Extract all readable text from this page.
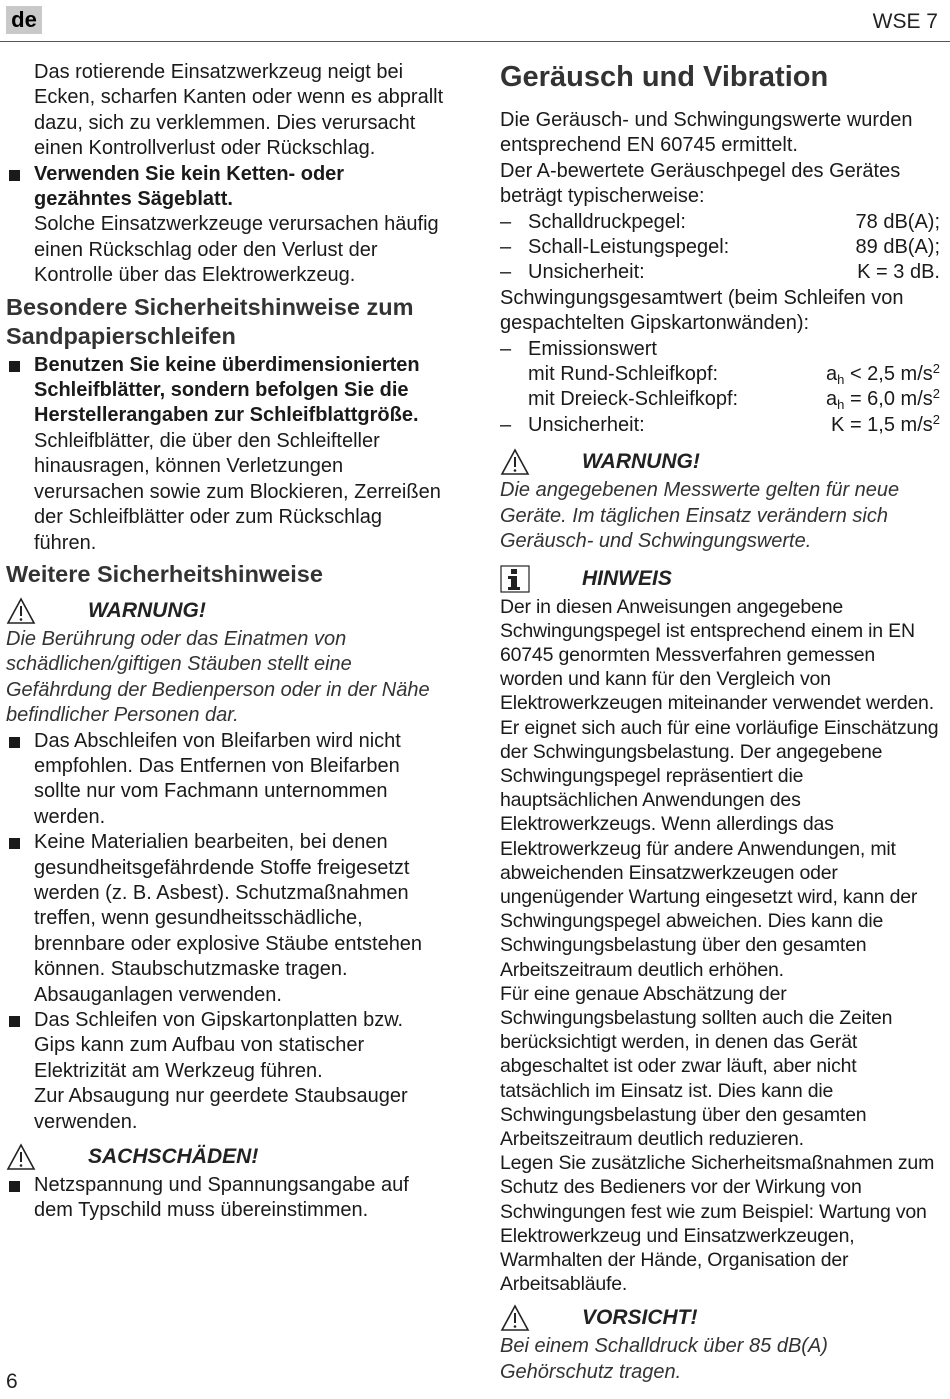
de	WSE 7
Das rotierende Einsatzwerkzeug neigt bei Ecken, scharfen Kanten oder wenn es abprallt dazu, sich zu verklemmen. Dies verursacht einen Kontrollverlust oder Rückschlag.
Verwenden Sie kein Ketten- oder gezähntes Sägeblatt.
Solche Einsatzwerkzeuge verursachen häufig einen Rückschlag oder den Verlust der Kontrolle über das Elektrowerkzeug.
Besondere Sicherheitshinweise zum Sandpapierschleifen
Benutzen Sie keine überdimensionierten Schleifblätter, sondern befolgen Sie die Herstellerangaben zur Schleifblattgröße.
Schleifblätter, die über den Schleifteller hinausragen, können Verletzungen verursachen sowie zum Blockieren, Zerreißen der Schleifblätter oder zum Rückschlag führen.
Weitere Sicherheitshinweise
WARNUNG!
Die Berührung oder das Einatmen von schädlichen/giftigen Stäuben stellt eine Gefährdung der Bedienperson oder in der Nähe befindlicher Personen dar.
Das Abschleifen von Bleifarben wird nicht empfohlen. Das Entfernen von Bleifarben sollte nur vom Fachmann unternommen werden.
Keine Materialien bearbeiten, bei denen gesundheitsgefährdende Stoffe freigesetzt werden (z. B. Asbest). Schutzmaßnahmen treffen, wenn gesundheitsschädliche, brennbare oder explosive Stäube entstehen können. Staubschutzmaske tragen. Absauganlagen verwenden.
Das Schleifen von Gipskartonplatten bzw. Gips kann zum Aufbau von statischer Elektrizität am Werkzeug führen.
Zur Absaugung nur geerdete Staubsauger verwenden.
SACHSCHÄDEN!
Netzspannung und Spannungsangabe auf dem Typschild muss übereinstimmen.
Geräusch und Vibration
Die Geräusch- und Schwingungswerte wurden entsprechend EN 60745 ermittelt.
Der A-bewertete Geräuschpegel des Gerätes beträgt typischerweise:
– Schalldruckpegel:	78 dB(A);
– Schall-Leistungspegel:	89 dB(A);
– Unsicherheit:	K = 3 dB.
Schwingungsgesamtwert (beim Schleifen von gespachtelten Gipskartonwänden):
– Emissionswert
mit Rund-Schleifkopf:	$a_h < 2,5$ $m/s^2$
mit Dreieck-Schleifkopf:	$a_h = 6,0$ $m/s^2$
– Unsicherheit:	K = 1,5 $m/s^2$
WARNUNG!
Die angegebenen Messwerte gelten für neue Geräte. Im täglichen Einsatz verändern sich Geräusch- und Schwingungswerte.
HINWEIS
Der in diesen Anweisungen angegebene Schwingungspegel ist entsprechend einem in EN 60745 genormten Messverfahren gemessen worden und kann für den Vergleich von Elektrowerkzeugen miteinander verwendet werden. Er eignet sich auch für eine vorläufige Einschätzung der Schwingungsbelastung. Der angegebene Schwingungspegel repräsentiert die hauptsächlichen Anwendungen des Elektrowerkzeugs. Wenn allerdings das Elektrowerkzeug für andere Anwendungen, mit abweichenden Einsatzwerkzeugen oder ungenügender Wartung eingesetzt wird, kann der Schwingungspegel abweichen. Dies kann die Schwingungsbelastung über den gesamten Arbeitszeitraum deutlich erhöhen.
Für eine genaue Abschätzung der Schwingungsbelastung sollten auch die Zeiten berücksichtigt werden, in denen das Gerät abgeschaltet ist oder zwar läuft, aber nicht tatsächlich im Einsatz ist. Dies kann die Schwingungsbelastung über den gesamten Arbeitszeitraum deutlich reduzieren.
Legen Sie zusätzliche Sicherheitsmaßnahmen zum Schutz des Bedieners vor der Wirkung von Schwingungen fest wie zum Beispiel: Wartung von Elektrowerkzeug und Einsatzwerkzeugen, Warmhalten der Hände, Organisation der Arbeitsabläufe.
VORSICHT!
Bei einem Schalldruck über 85 dB(A) Gehörschutz tragen.
6
